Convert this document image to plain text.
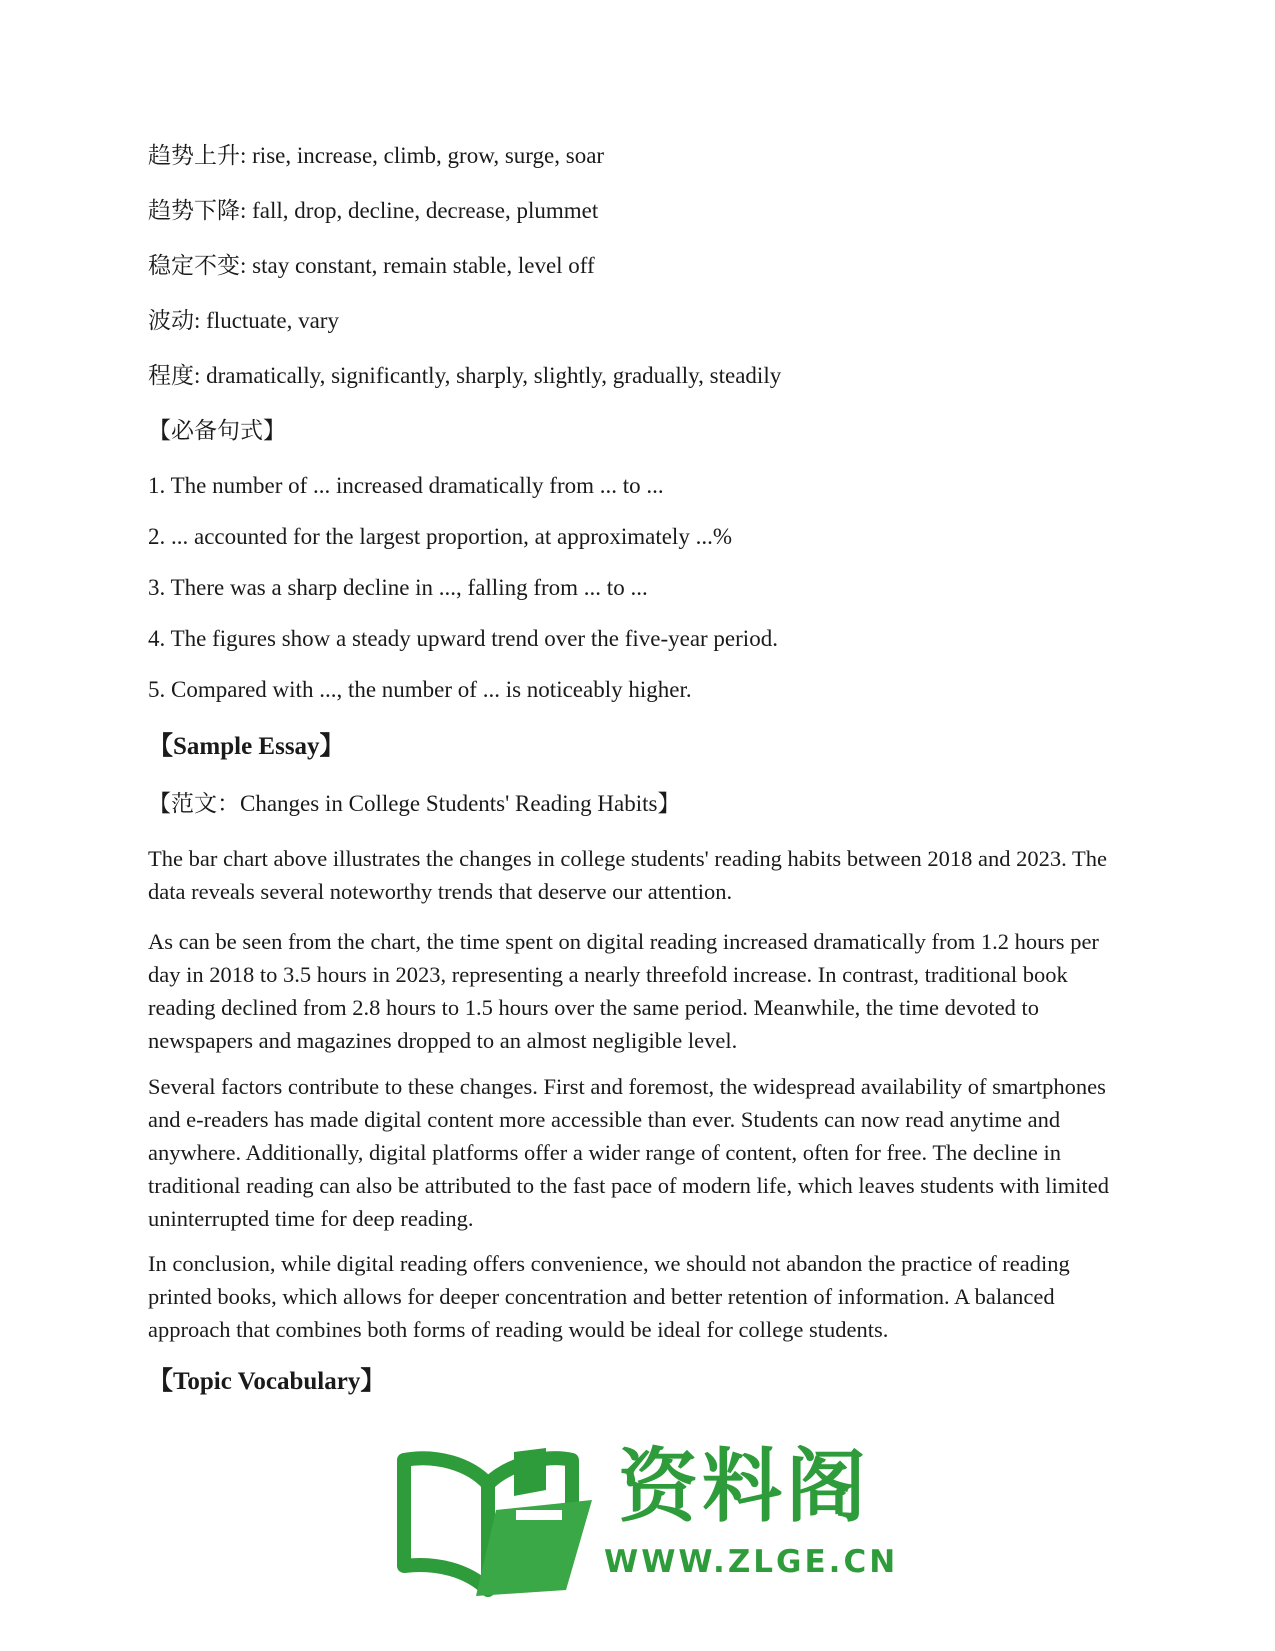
趋势上升: rise, increase, climb, grow, surge, soar
趋势下降: fall, drop, decline, decrease, plummet
稳定不变: stay constant, remain stable, level off
波动: fluctuate, vary
程度: dramatically, significantly, sharply, slightly, gradually, steadily
【必备句式】
1. The number of ... increased dramatically from ... to ...
2. ... accounted for the largest proportion, at approximately ...%
3. There was a sharp decline in ..., falling from ... to ...
4. The figures show a steady upward trend over the five-year period.
5. Compared with ..., the number of ... is noticeably higher.
【Sample Essay】
【范文：Changes in College Students' Reading Habits】
The bar chart above illustrates the changes in college students' reading habits between 2018 and 2023. The data reveals several noteworthy trends that deserve our attention.
As can be seen from the chart, the time spent on digital reading increased dramatically from 1.2 hours per day in 2018 to 3.5 hours in 2023, representing a nearly threefold increase. In contrast, traditional book reading declined from 2.8 hours to 1.5 hours over the same period. Meanwhile, the time devoted to newspapers and magazines dropped to an almost negligible level.
Several factors contribute to these changes. First and foremost, the widespread availability of smartphones and e-readers has made digital content more accessible than ever. Students can now read anytime and anywhere. Additionally, digital platforms offer a wider range of content, often for free. The decline in traditional reading can also be attributed to the fast pace of modern life, which leaves students with limited uninterrupted time for deep reading.
In conclusion, while digital reading offers convenience, we should not abandon the practice of reading printed books, which allows for deeper concentration and better retention of information. A balanced approach that combines both forms of reading would be ideal for college students.
【Topic Vocabulary】
资料阁
WWW.ZLGE.CN
